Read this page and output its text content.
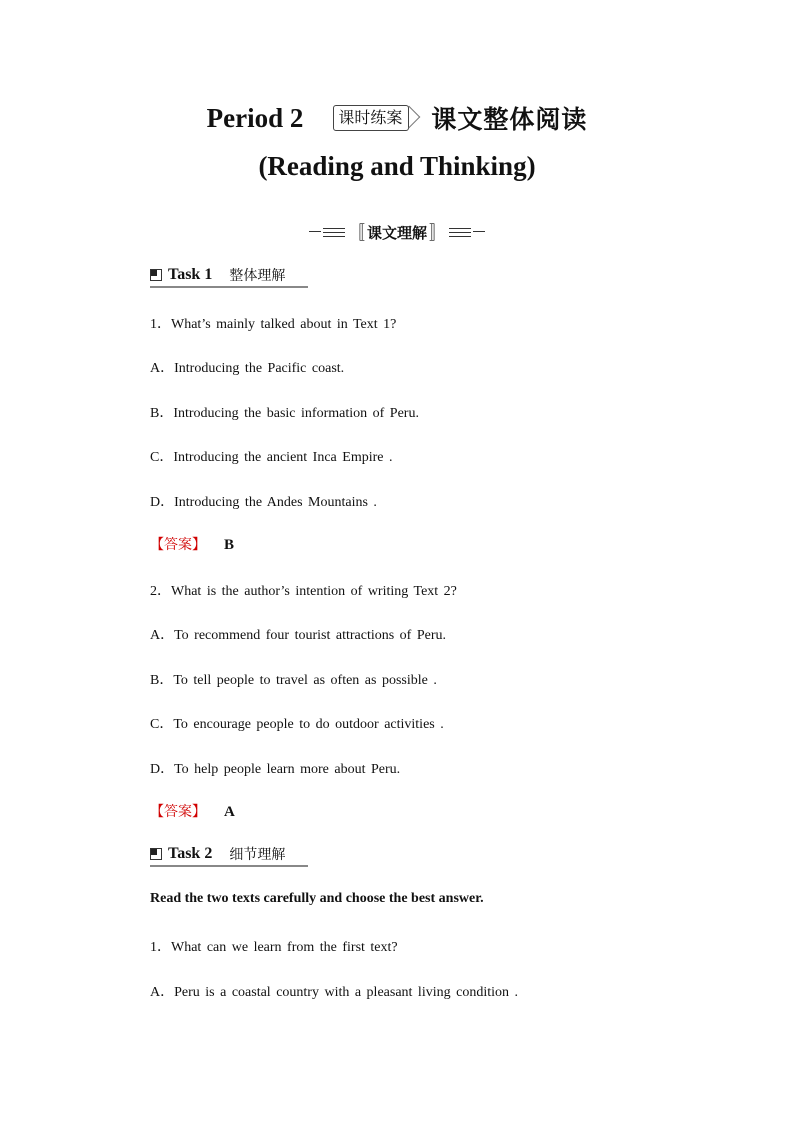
Period 2	课时练案 课文整体阅读
(Reading and Thinking)
〚 课文理解 〛
Task 1 整体理解
1．What’s mainly talked about in Text 1?
A．Introducing the Pacific coast.
B．Introducing the basic information of Peru.
C．Introducing the ancient Inca Empire .
D．Introducing the Andes Mountains .
【答案】 B
2．What is the author’s intention of writing Text 2?
A．To recommend four tourist attractions of Peru.
B．To tell people to travel as often as possible .
C．To encourage people to do outdoor activities .
D．To help people learn more about Peru.
【答案】 A
Task 2 细节理解
Read the two texts carefully and choose the best answer.
1．What can we learn from the first text?
A．Peru is a coastal country with a pleasant living condition .
